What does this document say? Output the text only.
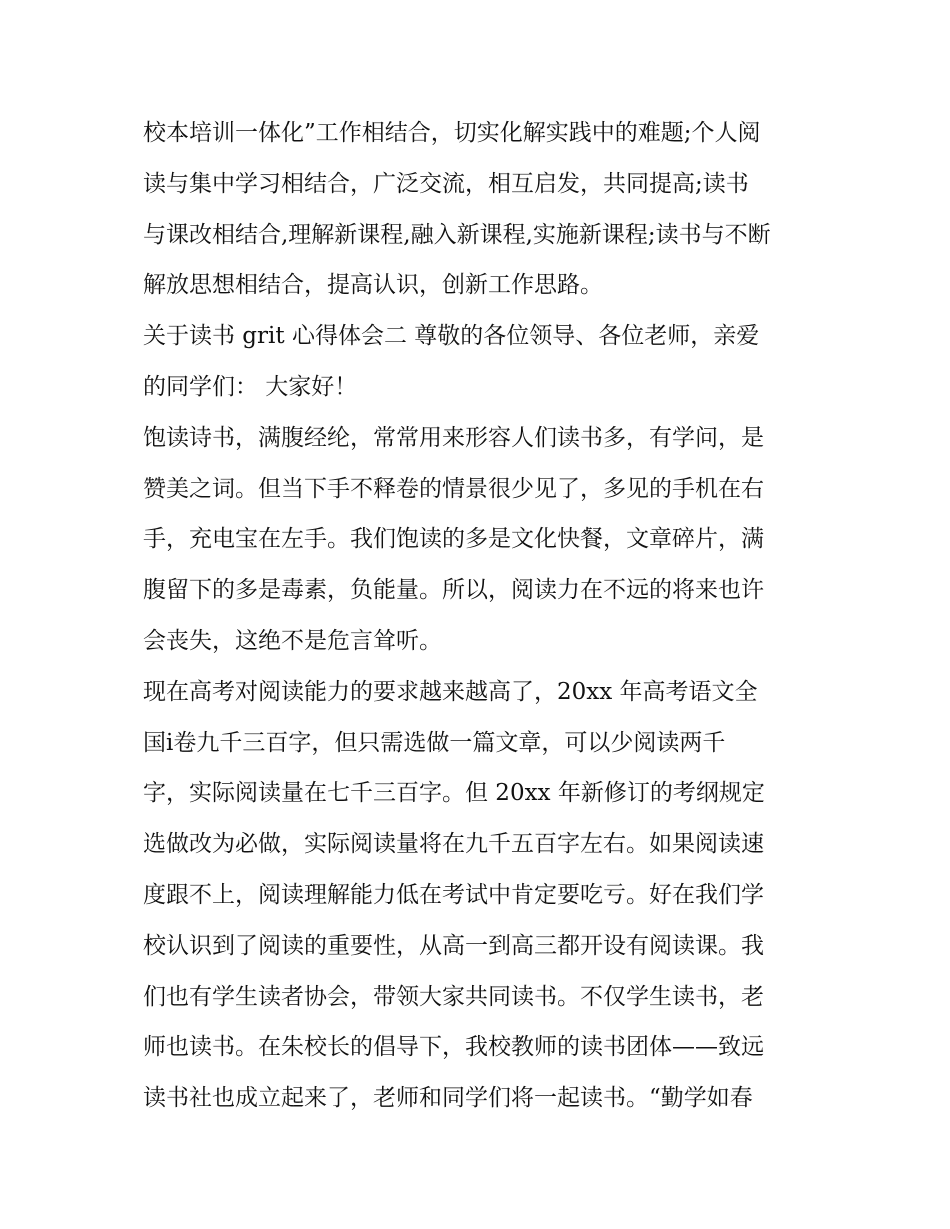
校本培训一体化”工作相结合，切实化解实践中的难题;个人阅
读与集中学习相结合，广泛交流，相互启发，共同提高;读书
与课改相结合,理解新课程,融入新课程,实施新课程;读书与不断
解放思想相结合，提高认识，创新工作思路。
关于读书 grit 心得体会二 尊敬的各位领导、各位老师，亲爱
的同学们： 大家好！
饱读诗书，满腹经纶，常常用来形容人们读书多，有学问，是
赞美之词。但当下手不释卷的情景很少见了，多见的手机在右
手，充电宝在左手。我们饱读的多是文化快餐，文章碎片，满
腹留下的多是毒素，负能量。所以，阅读力在不远的将来也许
会丧失，这绝不是危言耸听。
现在高考对阅读能力的要求越来越高了，20xx 年高考语文全
国ⅰ卷九千三百字，但只需选做一篇文章，可以少阅读两千
字，实际阅读量在七千三百字。但 20xx 年新修订的考纲规定
选做改为必做，实际阅读量将在九千五百字左右。如果阅读速
度跟不上，阅读理解能力低在考试中肯定要吃亏。好在我们学
校认识到了阅读的重要性，从高一到高三都开设有阅读课。我
们也有学生读者协会，带领大家共同读书。不仅学生读书，老
师也读书。在朱校长的倡导下，我校教师的读书团体——致远
读书社也成立起来了，老师和同学们将一起读书。“勤学如春
